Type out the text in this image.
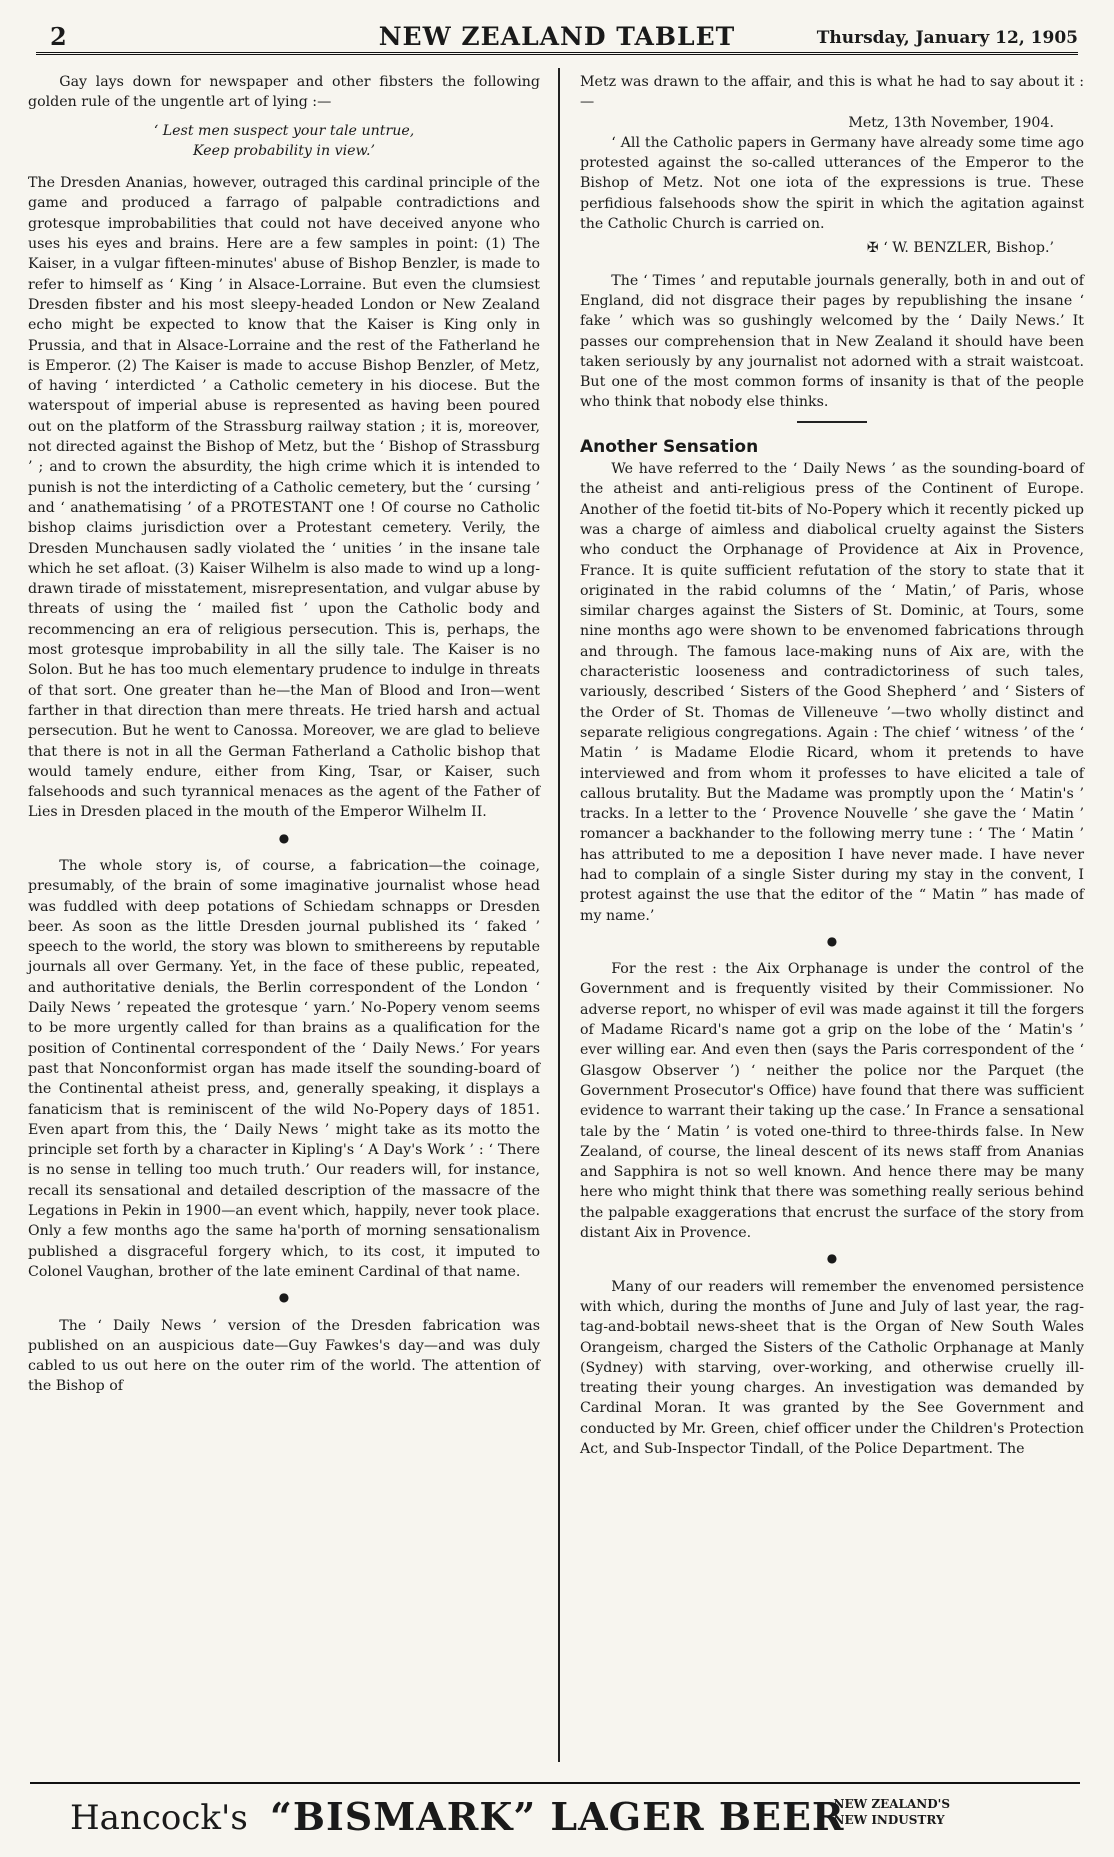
2	NEW ZEALAND TABLET	Thursday, January 12, 1905

Gay lays down for newspaper and other fibsters the following golden rule of the ungentle art of lying :—

‘ Lest men suspect your tale untrue,

Keep probability in view.’

The Dresden Ananias, however, outraged this cardinal principle of the game and produced a farrago of palpable contradictions and grotesque improbabilities that could not have deceived anyone who uses his eyes and brains. Here are a few samples in point: (1) The Kaiser, in a vulgar fifteen-minutes' abuse of Bishop Benzler, is made to refer to himself as ‘ King ’ in Alsace-Lorraine. But even the clumsiest Dresden fibster and his most sleepy-headed London or New Zealand echo might be expected to know that the Kaiser is King only in Prussia, and that in Alsace-Lorraine and the rest of the Fatherland he is Emperor. (2) The Kaiser is made to accuse Bishop Benzler, of Metz, of having ‘ interdicted ’ a Catholic cemetery in his diocese. But the waterspout of imperial abuse is represented as having been poured out on the platform of the Strassburg railway station ; it is, moreover, not directed against the Bishop of Metz, but the ‘ Bishop of Strassburg ’ ; and to crown the absurdity, the high crime which it is intended to punish is not the interdicting of a Catholic cemetery, but the ‘ cursing ’ and ‘ anathematising ’ of a PROTESTANT one ! Of course no Catholic bishop claims jurisdiction over a Protestant cemetery. Verily, the Dresden Munchausen sadly violated the ‘ unities ’ in the insane tale which he set afloat. (3) Kaiser Wilhelm is also made to wind up a long-drawn tirade of misstatement, misrepresentation, and vulgar abuse by threats of using the ‘ mailed fist ’ upon the Catholic body and recommencing an era of religious persecution. This is, perhaps, the most grotesque improbability in all the silly tale. The Kaiser is no Solon. But he has too much elementary prudence to indulge in threats of that sort. One greater than he—the Man of Blood and Iron—went farther in that direction than mere threats. He tried harsh and actual persecution. But he went to Canossa. Moreover, we are glad to believe that there is not in all the German Fatherland a Catholic bishop that would tamely endure, either from King, Tsar, or Kaiser, such falsehoods and such tyrannical menaces as the agent of the Father of Lies in Dresden placed in the mouth of the Emperor Wilhelm II.

●

The whole story is, of course, a fabrication—the coinage, presumably, of the brain of some imaginative journalist whose head was fuddled with deep potations of Schiedam schnapps or Dresden beer. As soon as the little Dresden journal published its ‘ faked ’ speech to the world, the story was blown to smithereens by reputable journals all over Germany. Yet, in the face of these public, repeated, and authoritative denials, the Berlin correspondent of the London ‘ Daily News ’ repeated the grotesque ‘ yarn.’ No-Popery venom seems to be more urgently called for than brains as a qualification for the position of Continental correspondent of the ‘ Daily News.’ For years past that Nonconformist organ has made itself the sounding-board of the Continental atheist press, and, generally speaking, it displays a fanaticism that is reminiscent of the wild No-Popery days of 1851. Even apart from this, the ‘ Daily News ’ might take as its motto the principle set forth by a character in Kipling's ‘ A Day's Work ’ : ‘ There is no sense in telling too much truth.’ Our readers will, for instance, recall its sensational and detailed description of the massacre of the Legations in Pekin in 1900—an event which, happily, never took place. Only a few months ago the same ha'porth of morning sensationalism published a disgraceful forgery which, to its cost, it imputed to Colonel Vaughan, brother of the late eminent Cardinal of that name.

●

The ‘ Daily News ’ version of the Dresden fabrication was published on an auspicious date—Guy Fawkes's day—and was duly cabled to us out here on the outer rim of the world. The attention of the Bishop of

Metz was drawn to the affair, and this is what he had to say about it :—

Metz, 13th November, 1904.

‘ All the Catholic papers in Germany have already some time ago protested against the so-called utterances of the Emperor to the Bishop of Metz. Not one iota of the expressions is true. These perfidious falsehoods show the spirit in which the agitation against the Catholic Church is carried on.

✠ ‘ W. BENZLER, Bishop.’

The ‘ Times ’ and reputable journals generally, both in and out of England, did not disgrace their pages by republishing the insane ‘ fake ’ which was so gushingly welcomed by the ‘ Daily News.’ It passes our comprehension that in New Zealand it should have been taken seriously by any journalist not adorned with a strait waistcoat. But one of the most common forms of insanity is that of the people who think that nobody else thinks.

Another Sensation

We have referred to the ‘ Daily News ’ as the sounding-board of the atheist and anti-religious press of the Continent of Europe. Another of the foetid tit-bits of No-Popery which it recently picked up was a charge of aimless and diabolical cruelty against the Sisters who conduct the Orphanage of Providence at Aix in Provence, France. It is quite sufficient refutation of the story to state that it originated in the rabid columns of the ‘ Matin,’ of Paris, whose similar charges against the Sisters of St. Dominic, at Tours, some nine months ago were shown to be envenomed fabrications through and through. The famous lace-making nuns of Aix are, with the characteristic looseness and contradictoriness of such tales, variously, described ‘ Sisters of the Good Shepherd ’ and ‘ Sisters of the Order of St. Thomas de Villeneuve ’—two wholly distinct and separate religious congregations. Again : The chief ‘ witness ’ of the ‘ Matin ’ is Madame Elodie Ricard, whom it pretends to have interviewed and from whom it professes to have elicited a tale of callous brutality. But the Madame was promptly upon the ‘ Matin's ’ tracks. In a letter to the ‘ Provence Nouvelle ’ she gave the ‘ Matin ’ romancer a backhander to the following merry tune : ‘ The ‘ Matin ’ has attributed to me a deposition I have never made. I have never had to complain of a single Sister during my stay in the convent, I protest against the use that the editor of the “ Matin ” has made of my name.’

●

For the rest : the Aix Orphanage is under the control of the Government and is frequently visited by their Commissioner. No adverse report, no whisper of evil was made against it till the forgers of Madame Ricard's name got a grip on the lobe of the ‘ Matin's ’ ever willing ear. And even then (says the Paris correspondent of the ‘ Glasgow Observer ’) ‘ neither the police nor the Parquet (the Government Prosecutor's Office) have found that there was sufficient evidence to warrant their taking up the case.’ In France a sensational tale by the ‘ Matin ’ is voted one-third to three-thirds false. In New Zealand, of course, the lineal descent of its news staff from Ananias and Sapphira is not so well known. And hence there may be many here who might think that there was something really serious behind the palpable exaggerations that encrust the surface of the story from distant Aix in Provence.

●

Many of our readers will remember the envenomed persistence with which, during the months of June and July of last year, the rag-tag-and-bobtail news-sheet that is the Organ of New South Wales Orangeism, charged the Sisters of the Catholic Orphanage at Manly (Sydney) with starving, over-working, and otherwise cruelly ill-treating their young charges. An investigation was demanded by Cardinal Moran. It was granted by the See Government and conducted by Mr. Green, chief officer under the Children's Protection Act, and Sub-Inspector Tindall, of the Police Department. The

Hancock's “BISMARK” LAGER BEER
NEW ZEALAND'S
NEW INDUSTRY
